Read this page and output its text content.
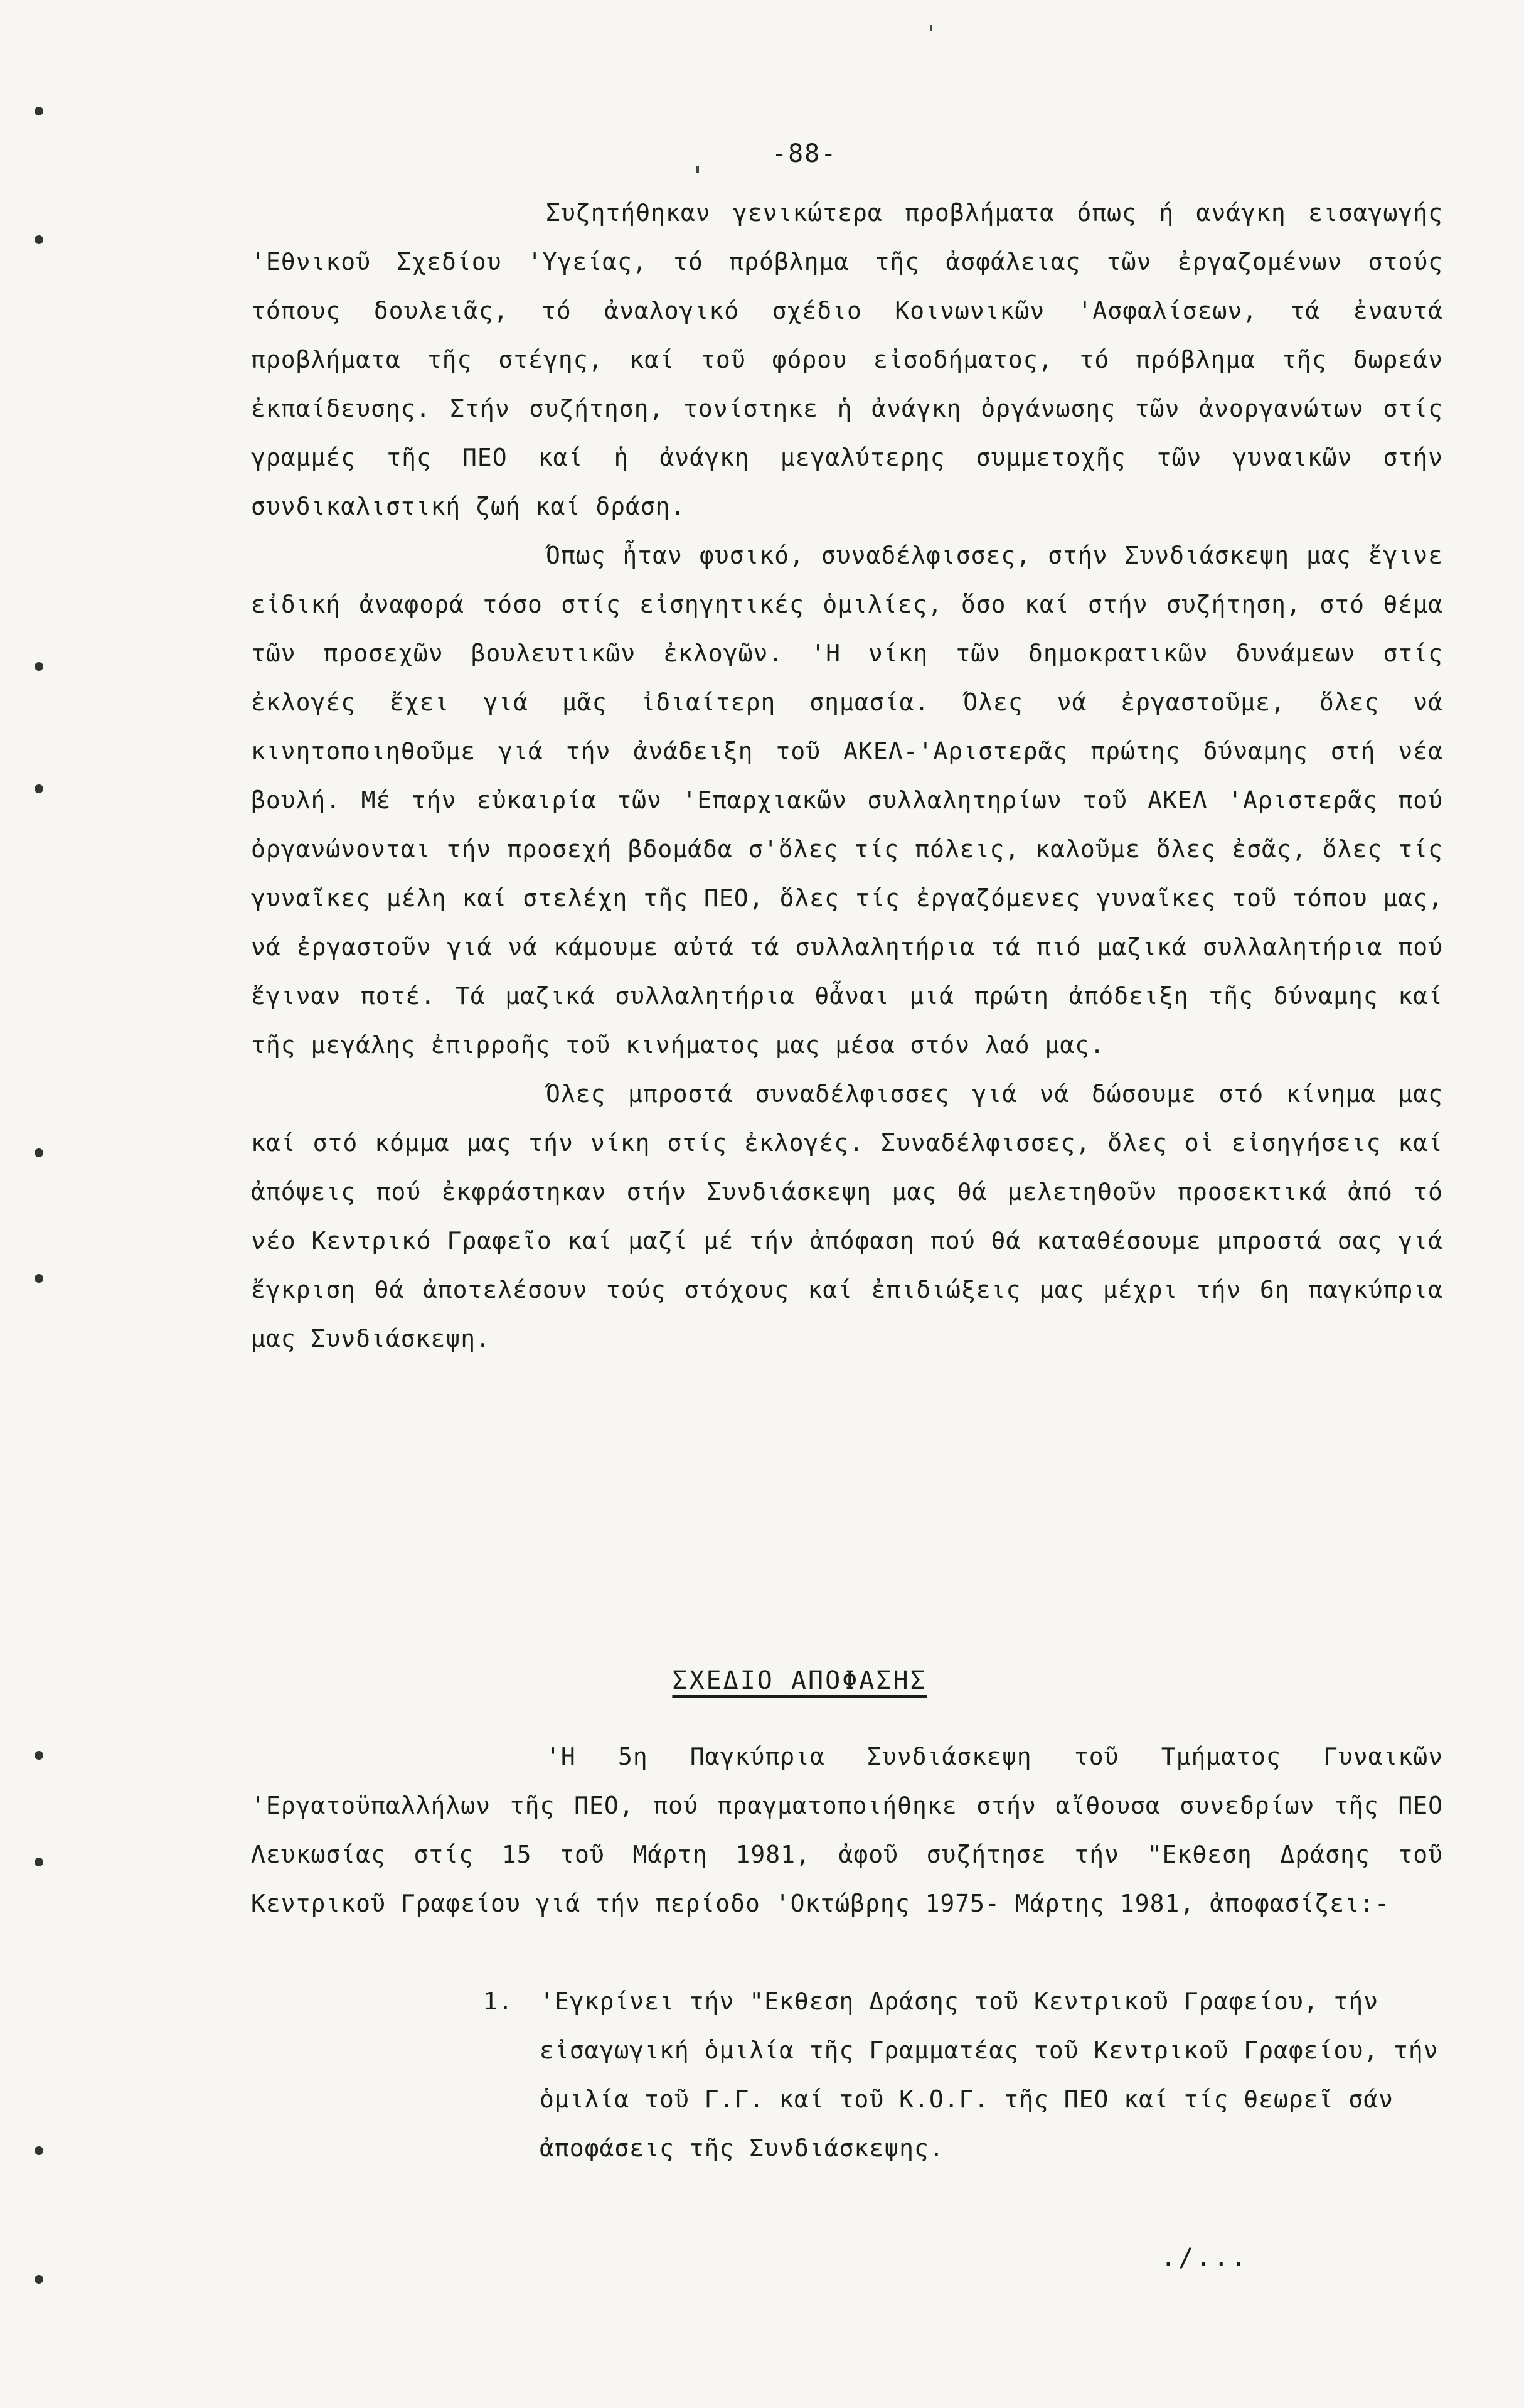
-88-

Συζητήθηκαν γενικώτερα προβλήματα όπως ή ανάγκη εισαγωγής 'Εθνικοῦ Σχεδίου 'Υγείας, τό πρόβλημα τῆς ἀσφάλειας τῶν ἐργαζομένων στούς τόπους δουλειᾶς, τό ἀναλογικό σχέδιο Κοινωνικῶν 'Ασφαλίσεων, τά ἐναυτά προβλήματα τῆς στέγης, καί τοῦ φόρου εἰσοδήματος, τό πρόβλημα τῆς δωρεάν ἐκπαίδευσης. Στήν συζήτηση, τονίστηκε ἡ ἀνάγκη ὀργάνωσης τῶν ἀνοργανώτων στίς γραμμές τῆς ΠΕΟ καί ἡ ἀνάγκη μεγαλύτερης συμμετοχῆς τῶν γυναικῶν στήν συνδικαλιστική ζωή καί δράση.

Όπως ἦταν φυσικό, συναδέλφισσες, στήν Συνδιάσκεψη μας ἔγινε εἰδική ἀναφορά τόσο στίς εἰσηγητικές ὁμιλίες, ὅσο καί στήν συζήτηση, στό θέμα τῶν προσεχῶν βουλευτικῶν ἐκλογῶν. 'Η νίκη τῶν δημοκρατικῶν δυνάμεων στίς ἐκλογές ἔχει γιά μᾶς ἰδιαίτερη σημασία. Όλες νά ἐργαστοῦμε, ὅλες νά κινητοποιηθοῦμε γιά τήν ἀνάδειξη τοῦ ΑΚΕΛ-'Αριστερᾶς πρώτης δύναμης στή νέα βουλή. Μέ τήν εὐκαιρία τῶν 'Επαρχιακῶν συλλαλητηρίων τοῦ ΑΚΕΛ 'Αριστερᾶς πού ὀργανώνονται τήν προσεχή βδομάδα σ'ὅλες τίς πόλεις, καλοῦμε ὅλες ἐσᾶς, ὅλες τίς γυναῖκες μέλη καί στελέχη τῆς ΠΕΟ, ὅλες τίς ἐργαζόμενες γυναῖκες τοῦ τόπου μας, νά ἐργαστοῦν γιά νά κάμουμε αὐτά τά συλλαλητήρια τά πιό μαζικά συλλαλητήρια πού ἔγιναν ποτέ. Τά μαζικά συλλαλητήρια θἆναι μιά πρώτη ἀπόδειξη τῆς δύναμης καί τῆς μεγάλης ἐπιρροῆς τοῦ κινήματος μας μέσα στόν λαό μας.

Όλες μπροστά συναδέλφισσες γιά νά δώσουμε στό κίνημα μας καί στό κόμμα μας τήν νίκη στίς ἐκλογές. Συναδέλφισσες, ὅλες οἱ εἰσηγήσεις καί ἀπόψεις πού ἐκφράστηκαν στήν Συνδιάσκεψη μας θά μελετηθοῦν προσεκτικά ἀπό τό νέο Κεντρικό Γραφεῖο καί μαζί μέ τήν ἀπόφαση πού θά καταθέσουμε μπροστά σας γιά ἔγκριση θά ἀποτελέσουν τούς στόχους καί ἐπιδιώξεις μας μέχρι τήν 6η παγκύπρια μας Συνδιάσκεψη.

ΣΧΕΔΙΟ ΑΠΟΦΑΣΗΣ

'Η 5η Παγκύπρια Συνδιάσκεψη τοῦ Τμήματος Γυναικῶν 'Εργατοϋπαλλήλων τῆς ΠΕΟ, πού πραγματοποιήθηκε στήν αἴθουσα συνεδρίων τῆς ΠΕΟ Λευκωσίας στίς 15 τοῦ Μάρτη 1981, ἀφοῦ συζήτησε τήν "Εκθεση Δράσης τοῦ Κεντρικοῦ Γραφείου γιά τήν περίοδο 'Οκτώβρης 1975- Μάρτης 1981, ἀποφασίζει:-

1. 'Εγκρίνει τήν "Εκθεση Δράσης τοῦ Κεντρικοῦ Γραφείου, τήν εἰσαγωγική ὁμιλία τῆς Γραμματέας τοῦ Κεντρικοῦ Γραφείου, τήν ὁμιλία τοῦ Γ.Γ. καί τοῦ Κ.Ο.Γ. τῆς ΠΕΟ καί τίς θεωρεῖ σάν ἀποφάσεις τῆς Συνδιάσκεψης.
./...
